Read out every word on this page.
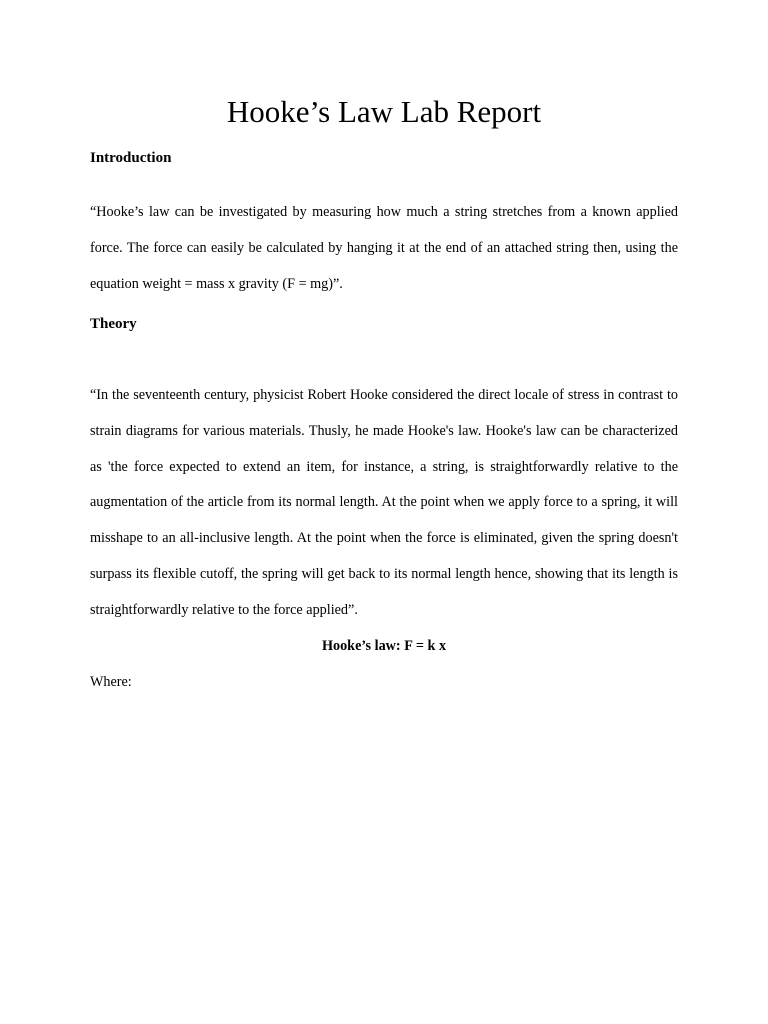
Hooke’s Law Lab Report
Introduction

“Hooke’s law can be investigated by measuring how much a string stretches from a known applied force. The force can easily be calculated by hanging it at the end of an attached string then, using the equation weight = mass x gravity (F = mg)”.

Theory

“In the seventeenth century, physicist Robert Hooke considered the direct locale of stress in contrast to strain diagrams for various materials. Thusly, he made Hooke's law. Hooke's law can be characterized as 'the force expected to extend an item, for instance, a string, is straightforwardly relative to the augmentation of the article from its normal length. At the point when we apply force to a spring, it will misshape to an all-inclusive length. At the point when the force is eliminated, given the spring doesn't surpass its flexible cutoff, the spring will get back to its normal length hence, showing that its length is straightforwardly relative to the force applied”.

Hooke’s law: F = k x

Where:
